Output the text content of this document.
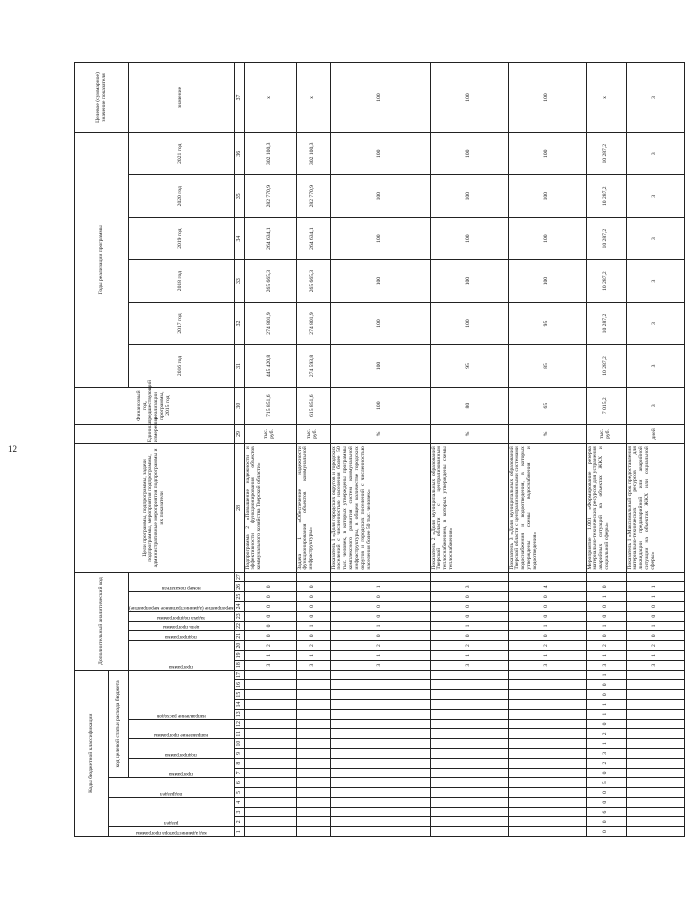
12
Коды бюджетной классификации																	Дополнительный аналитический код										Цели программы, подпрограммы, задачи подпрограммы, мероприятия подпрограммы, административные мероприятия подпрограммы и их показатели	Единица измерения	Финансовый год, предшествующий реализации программы, 2015 год	Годы реализации программы						Целевое (суммарное) значение показателя

код администратора программы	раздел			подраздел		код целевой статьи расхода бюджета																														

						программа		подпрограмма		направление программы		направление расходов					программа			подпрограмма	цель программы	задача подпрограммы	мероприятие (административное мероприятие)		номер показателя					2016 год	2017 год	2018 год	2019 год	2020 год	2021 год	значение

1	2	3	4	5	6	7	8	9	10	11	12	13	14	15	16	17	18	19	20	21	22	23	24	25	26	27	28	29	30	31	32	33	34	35	36	37
																	3	1	2	0	0	0	0	0	0		Подпрограмма 2 «Повышение надежности и эффективности функционирования объектов коммунального хозяйства Тверской области»	тыс. руб.	715 851,6	445 420,8	274 801,9	265 665,3	264 634,1	282 770,9	302 100,3	х
																	3	1	2	0	1	0	0	0	0		Задача 1 «Обеспечение надежности функционирования объектов коммунальной инфраструктуры»	тыс. руб.	615 851,6	274 593,8	274 801,9	265 665,3	264 634,1	282 770,9	302 100,3	х
																	3	1	2	0	1	0	0	0	1		Показатель 1 «Доля городских округов и городских поселений с численностью населения более 50 тыс. человек, в которых утверждены программы комплексного развития систем коммунальной инфраструктуры, в общем количестве городских округов и городских поселений с численностью населения более 50 тыс. человек»	%	100	100	100	100	100	100	100	100
																	3	1	2	0	1	0	0	0	3		Показатель 2 «Доля муниципальных образований Тверской области с централизованным теплоснабжением, в которых утверждены схемы теплоснабжения»	%	80	95	100	100	100	100	100	100
																	3	1	2	0	1	0	0	0	4		Показатель 3 «Доля муниципальных образований Тверской области с централизованными системами водоснабжения и водоотведения, в которых утверждены схемы водоснабжения и водоотведения»	%	65	85	95	100	100	100	100	100
0	0	6	0	0	5	0	2	3	1	2	0	1	1	0	0	1	3	1	2	0	1	0	0	1	0		Мероприятие 1.001 «Формирование резерва материально-технических ресурсов для устранения аварийных ситуаций на объектах ЖКХ и социальной сферы»	тыс. руб.	7 015,2	10 287,2	10 287,2	10 287,2	10 287,2	10 287,2	10 287,2	х
																	3	1	2	0	1	0	0	1	1		Показатель 1 «Максимальный срок предоставления материально-технических ресурсов для ликвидации предаварийной или аварийной ситуации на объектах ЖКХ или социальной сферы»	дней	3	3	3	3	3	3	3	3
